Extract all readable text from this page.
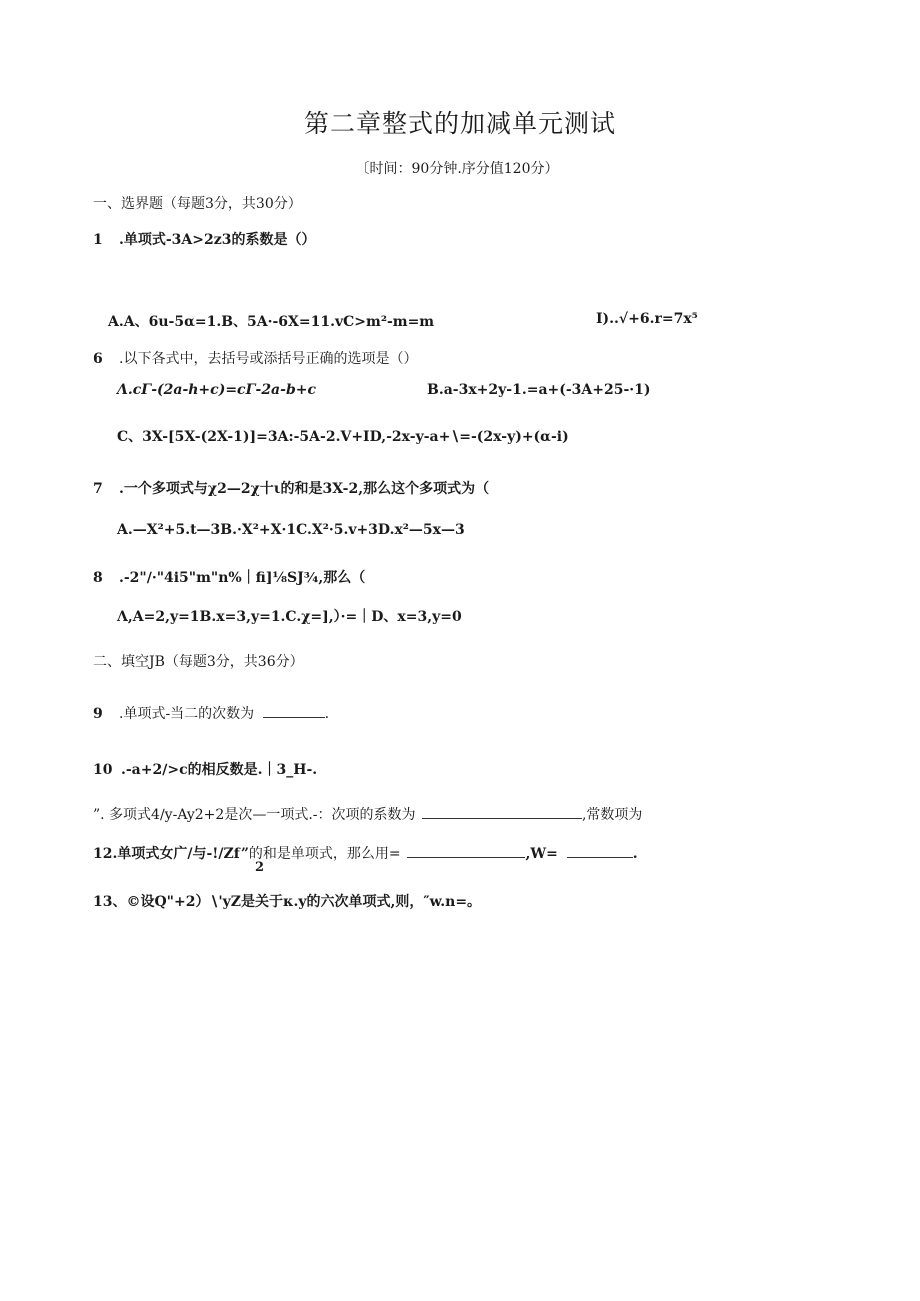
第二章整式的加减单元测试
〔时间：90分钟.序分值120分）
一、选界题（每题3分，共30分）
1 .单项式-3A>2z3的系数是（）
A.A、6u-5α=1.B、5A·-6X=11.vC>m²-m=m	I)..√+6.r=7x⁵
6 .以下各式中，去括号或添括号正确的选项是（）
Λ.cΓ-(2a-h+c)=cΓ-2a-b+c	B.a-3x+2y-1.=a+(-3A+25-·1)
C、3X-[5X-(2X-1)]=3A:-5A-2.V+ID,-2x-y-a+∖=-(2x-y)+(α-i)
7 .一个多项式与χ2—2χ十ι的和是3X-2,那么这个多项式为（
A.—X²+5.t—3B.·X²+X·1C.X²·5.v+3D.x²—5x—3
8 .-2"∕·"4i5"m"n%｜fi]⅛SJ¾,那么（
Λ,A=2,y=1B.x=3,y=1.C.χ=],）·=｜D、x=3,y=0
二、填空JB（每题3分，共36分）
9 .单项式-当二的次数为	.
10 .-a+2∕>c的相反数是.｜3_H-.
”. 多项式4∕y-Ay2+2是次—一项式.-：次项的系数为	,常数项为
12.单项式女广/与-!/Zf”的和是单项式，那么用=	,W=	.
2
13、©设Q"+2）∖'yZ是关于κ.y的六次单项式,则，″w.n=。
